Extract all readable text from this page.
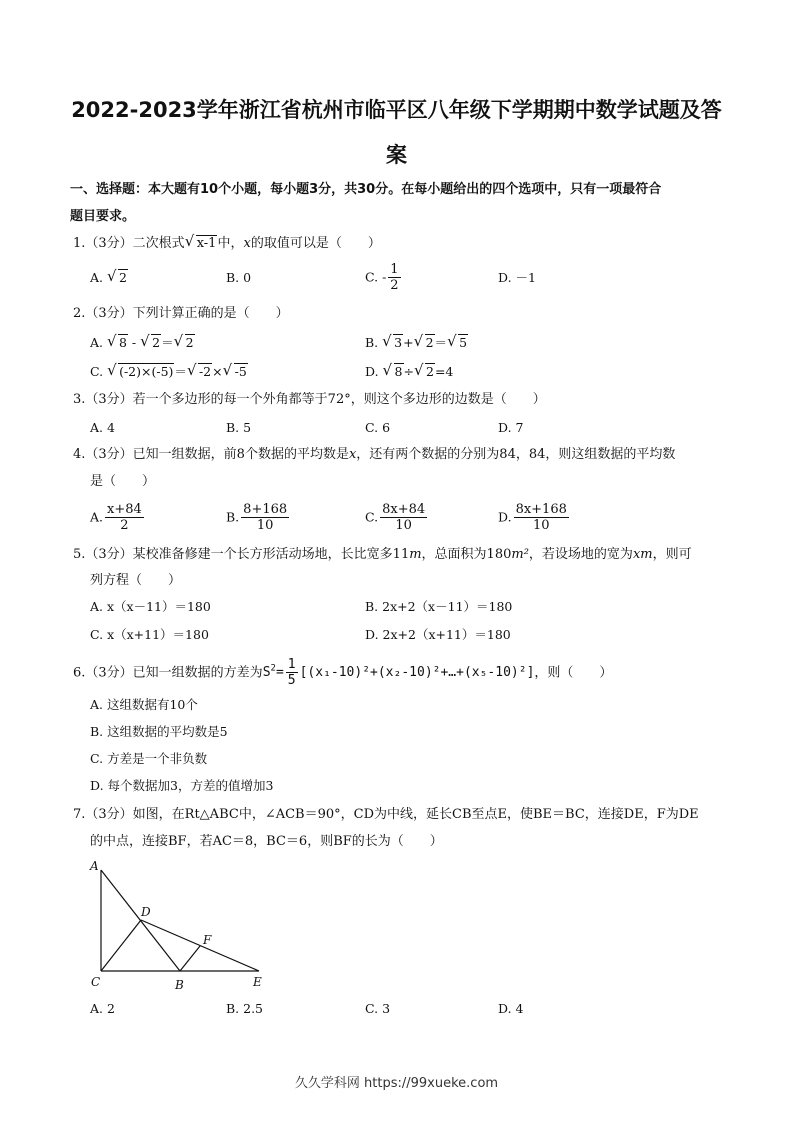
2022-2023学年浙江省杭州市临平区八年级下学期期中数学试题及答
案
一、选择题：本大题有10个小题，每小题3分，共30分。在每小题给出的四个选项中，只有一项最符合
题目要求。
1.（3分）二次根式 √ x-1中，x的取值可以是（　　）
A. √ 2	B. 0	C. - $\frac{1}{2}$	D. －1
2.（3分）下列计算正确的是（　　）
A. √ 8 - √ 2＝ √ 2	B. √ 3+ √ 2＝ √ 5
C. √ (-2)×(-5)＝ √ -2× √ -5	D. √ 8÷ √ 2=4
3.（3分）若一个多边形的每一个外角都等于72°，则这个多边形的边数是（　　）
A. 4	B. 5	C. 6	D. 7
4.（3分）已知一组数据，前8个数据的平均数是x，还有两个数据的分别为84，84，则这组数据的平均数
是（　　）
A. $\frac{x+84}{2}$	B. $\frac{8+168}{10}$	C. $\frac{8x+84}{10}$	D. $\frac{8x+168}{10}$
5.（3分）某校准备修建一个长方形活动场地，长比宽多11m，总面积为180m²，若设场地的宽为xm，则可
列方程（　　）
A. x（x－11）＝180	B. 2x+2（x－11）＝180
C. x（x+11）＝180	D. 2x+2（x+11）＝180
6.（3分）已知一组数据的方差为$S^2= \frac{1}{5}$ [(x₁-10)²+(x₂-10)²+…+(x₅-10)²]，则（　　）
A. 这组数据有10个
B. 这组数据的平均数是5
C. 方差是一个非负数
D. 每个数据加3，方差的值增加3
7.（3分）如图，在Rt△ABC中，∠ACB＝90°，CD为中线，延长CB至点E，使BE＝BC，连接DE，F为DE
的中点，连接BF，若AC＝8，BC＝6，则BF的长为（　　）
A
D
F
C	B	E
A. 2	B. 2.5	C. 3	D. 4
久久学科网 https://99xueke.com
